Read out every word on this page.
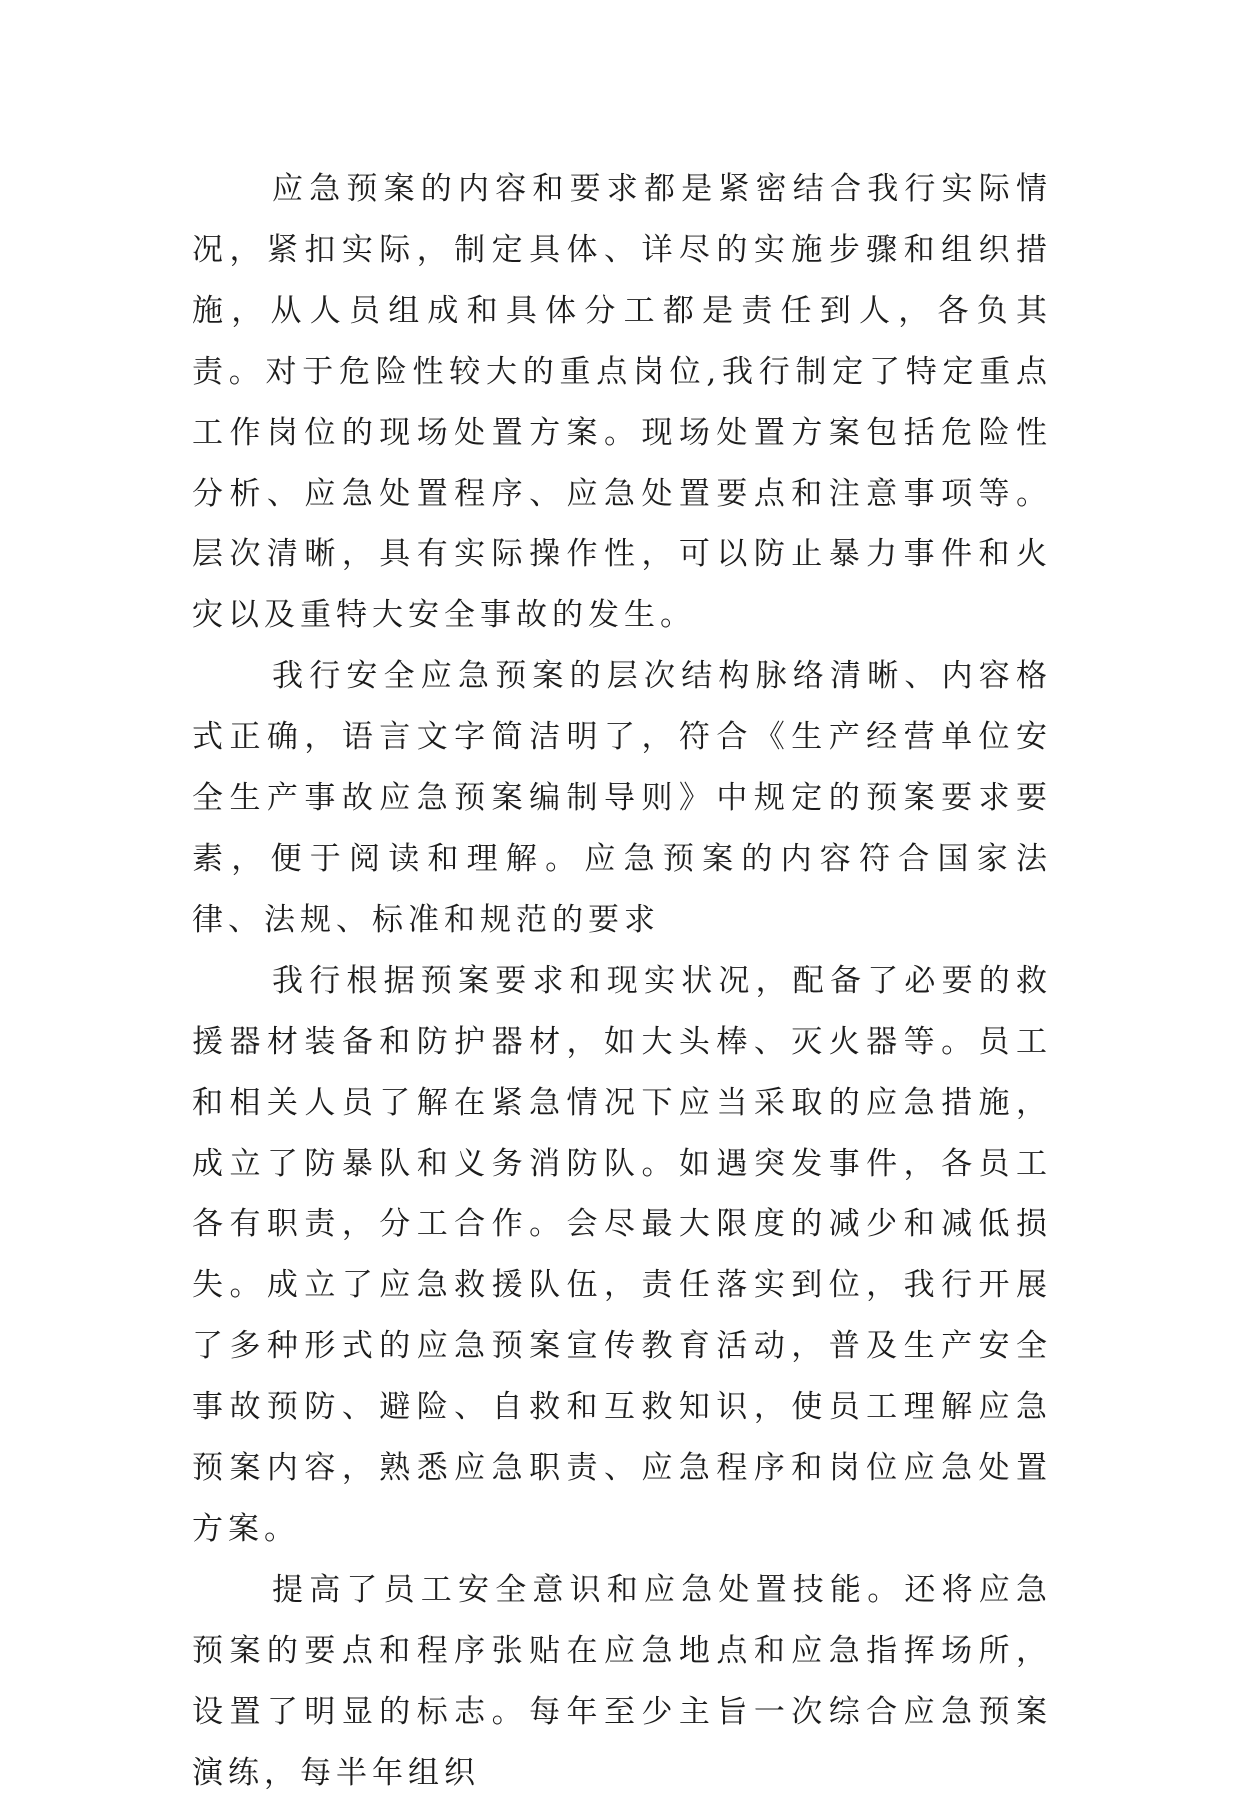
应急预案的内容和要求都是紧密结合我行实际情况，紧扣实际，制定具体、详尽的实施步骤和组织措施，从人员组成和具体分工都是责任到人，各负其责。对于危险性较大的重点岗位,我行制定了特定重点工作岗位的现场处置方案。现场处置方案包括危险性分析、应急处置程序、应急处置要点和注意事项等。层次清晰，具有实际操作性，可以防止暴力事件和火灾以及重特大安全事故的发生。

我行安全应急预案的层次结构脉络清晰、内容格式正确，语言文字简洁明了，符合《生产经营单位安全生产事故应急预案编制导则》中规定的预案要求要素，便于阅读和理解。应急预案的内容符合国家法律、法规、标准和规范的要求

我行根据预案要求和现实状况，配备了必要的救援器材装备和防护器材，如大头棒、灭火器等。员工和相关人员了解在紧急情况下应当采取的应急措施，成立了防暴队和义务消防队。如遇突发事件，各员工各有职责，分工合作。会尽最大限度的减少和减低损失。成立了应急救援队伍，责任落实到位，我行开展了多种形式的应急预案宣传教育活动，普及生产安全事故预防、避险、自救和互救知识，使员工理解应急预案内容，熟悉应急职责、应急程序和岗位应急处置方案。

提高了员工安全意识和应急处置技能。还将应急预案的要点和程序张贴在应急地点和应急指挥场所，设置了明显的标志。每年至少主旨一次综合应急预案演练，每半年组织
